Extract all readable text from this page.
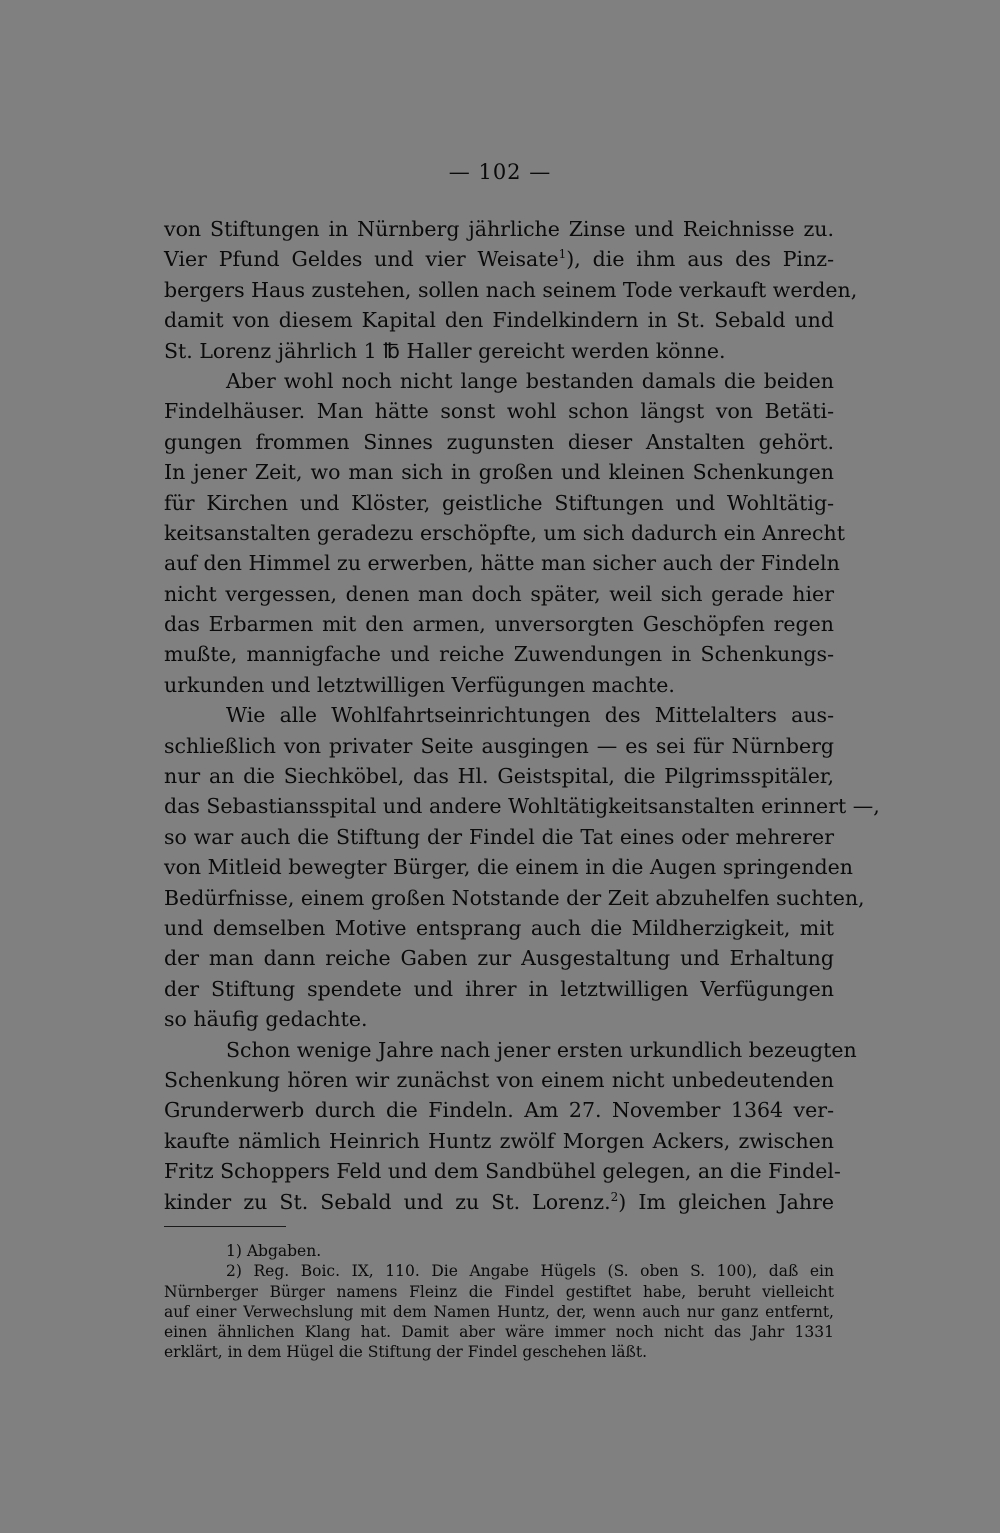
— 102 —
von Stiftungen in Nürnberg jährliche Zinse und Reichnisse zu.
Vier Pfund Geldes und vier Weisate$^1$), die ihm aus des Pinz-
bergers Haus zustehen, sollen nach seinem Tode verkauft werden,
damit von diesem Kapital den Findelkindern in St. Sebald und
St. Lorenz jährlich 1 ℔ Haller gereicht werden könne.
Aber wohl noch nicht lange bestanden damals die beiden
Findelhäuser. Man hätte sonst wohl schon längst von Betäti-
gungen frommen Sinnes zugunsten dieser Anstalten gehört.
In jener Zeit, wo man sich in großen und kleinen Schenkungen
für Kirchen und Klöster, geistliche Stiftungen und Wohltätig-
keitsanstalten geradezu erschöpfte, um sich dadurch ein Anrecht
auf den Himmel zu erwerben, hätte man sicher auch der Findeln
nicht vergessen, denen man doch später, weil sich gerade hier
das Erbarmen mit den armen, unversorgten Geschöpfen regen
mußte, mannigfache und reiche Zuwendungen in Schenkungs-
urkunden und letztwilligen Verfügungen machte.
Wie alle Wohlfahrtseinrichtungen des Mittelalters aus-
schließlich von privater Seite ausgingen — es sei für Nürnberg
nur an die Siechköbel, das Hl. Geistspital, die Pilgrimsspitäler,
das Sebastiansspital und andere Wohltätigkeitsanstalten erinnert —,
so war auch die Stiftung der Findel die Tat eines oder mehrerer
von Mitleid bewegter Bürger, die einem in die Augen springenden
Bedürfnisse, einem großen Notstande der Zeit abzuhelfen suchten,
und demselben Motive entsprang auch die Mildherzigkeit, mit
der man dann reiche Gaben zur Ausgestaltung und Erhaltung
der Stiftung spendete und ihrer in letztwilligen Verfügungen
so häufig gedachte.
Schon wenige Jahre nach jener ersten urkundlich bezeugten
Schenkung hören wir zunächst von einem nicht unbedeutenden
Grunderwerb durch die Findeln. Am 27. November 1364 ver-
kaufte nämlich Heinrich Huntz zwölf Morgen Ackers, zwischen
Fritz Schoppers Feld und dem Sandbühel gelegen, an die Findel-
kinder zu St. Sebald und zu St. Lorenz.$^2$) Im gleichen Jahre
1) Abgaben.
2) Reg. Boic. IX, 110. Die Angabe Hügels (S. oben S. 100), daß ein
Nürnberger Bürger namens Fleinz die Findel gestiftet habe, beruht vielleicht
auf einer Verwechslung mit dem Namen Huntz, der, wenn auch nur ganz entfernt,
einen ähnlichen Klang hat. Damit aber wäre immer noch nicht das Jahr 1331
erklärt, in dem Hügel die Stiftung der Findel geschehen läßt.
